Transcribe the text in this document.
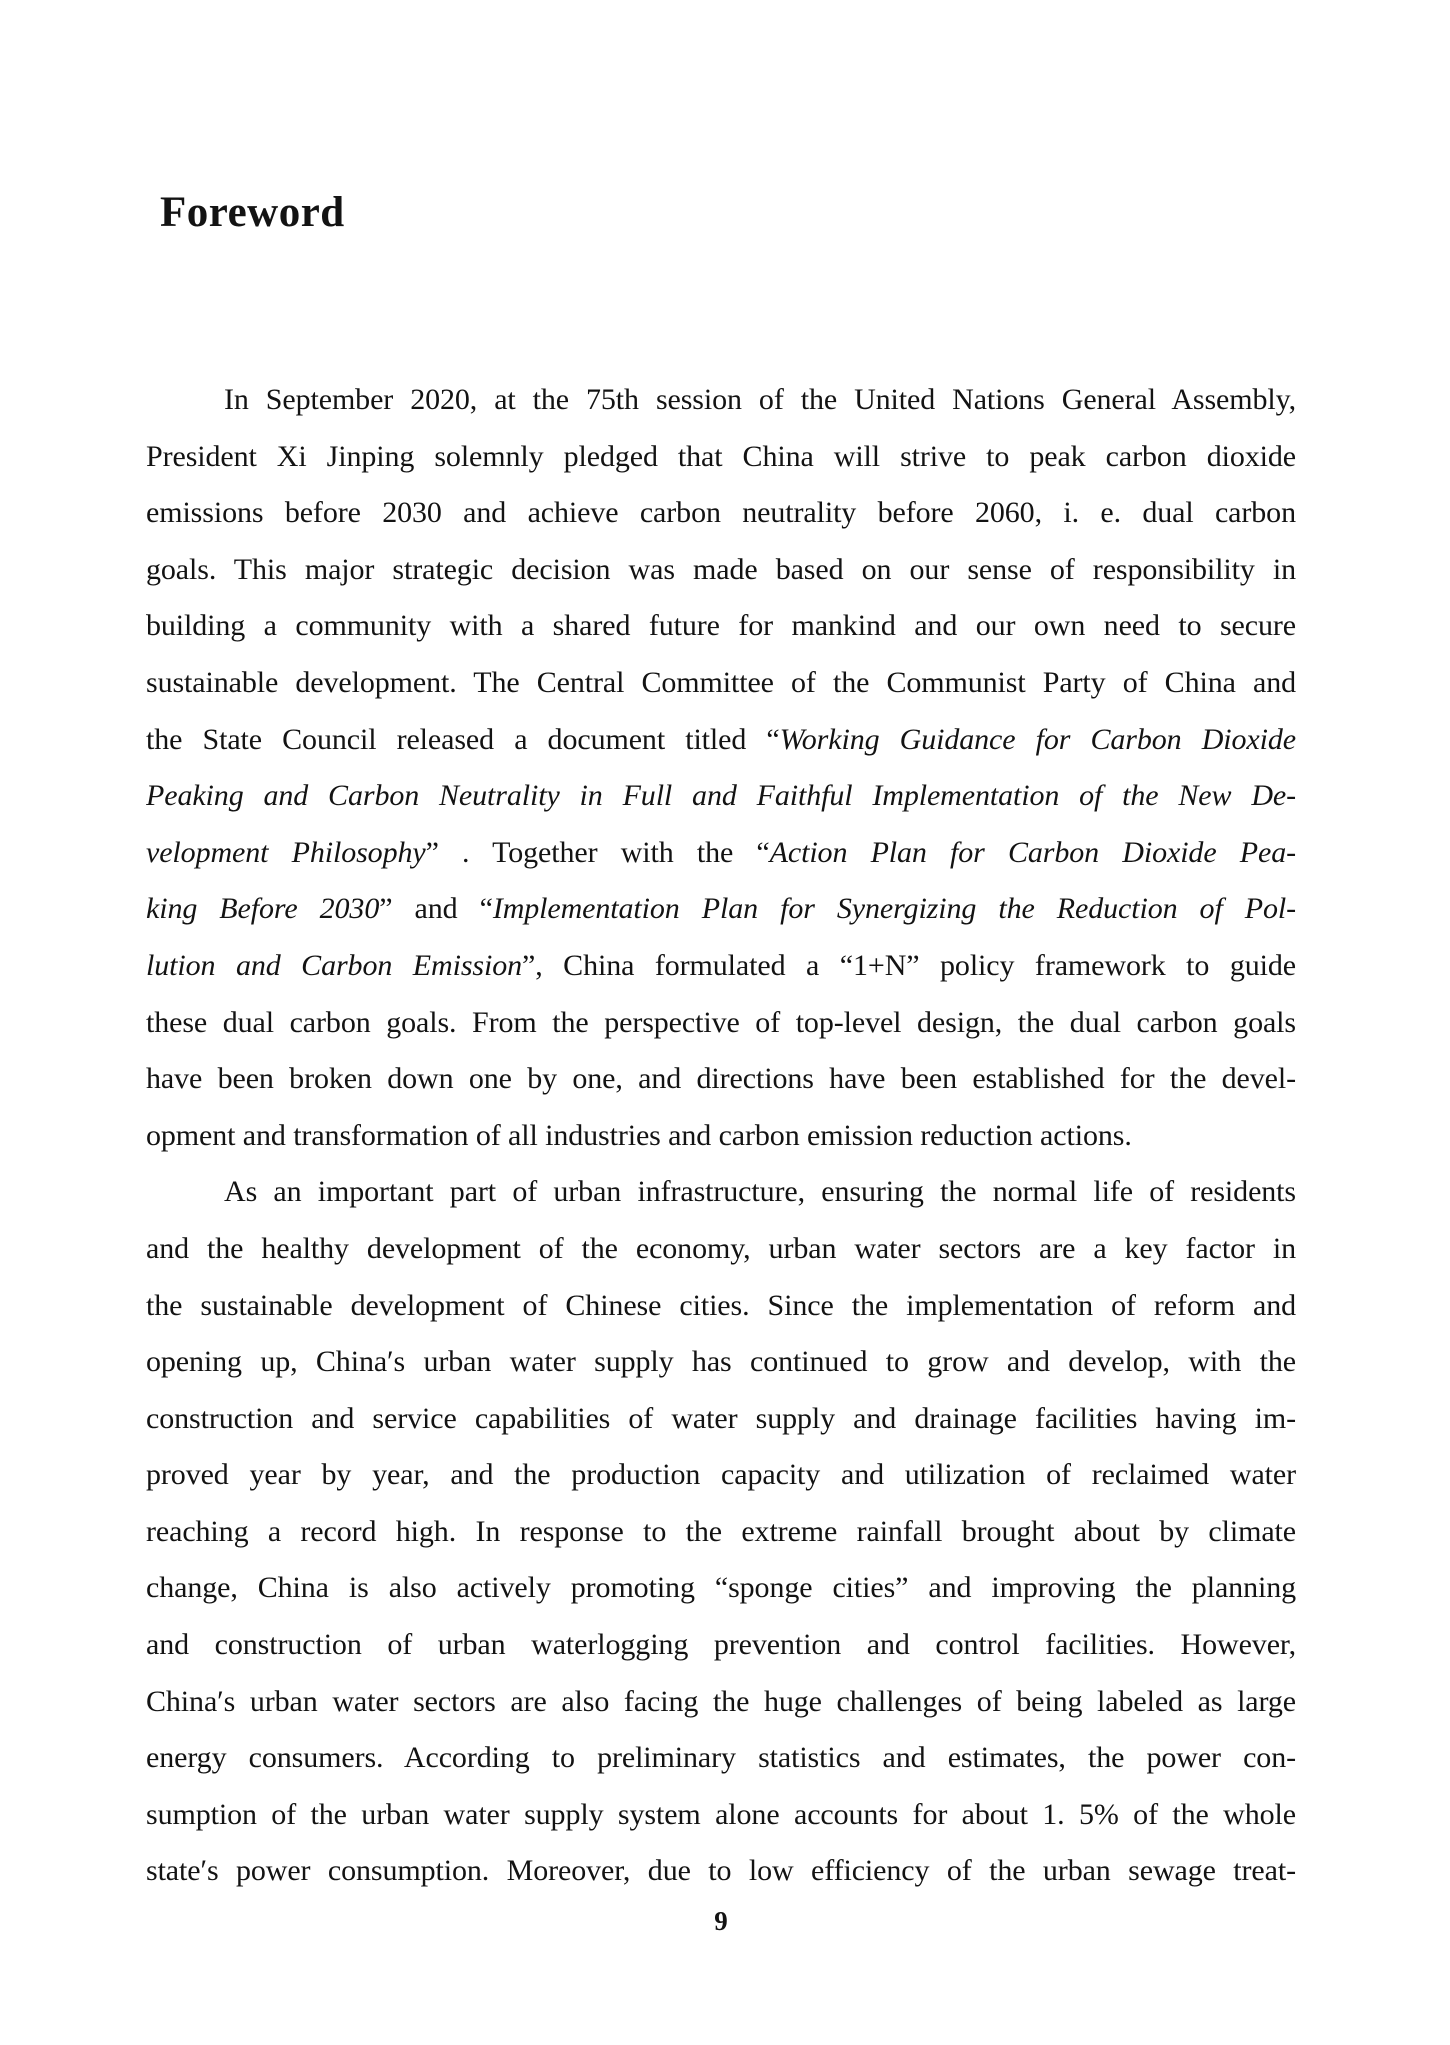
Foreword
In September 2020, at the 75th session of the United Nations General Assembly,
President Xi Jinping solemnly pledged that China will strive to peak carbon dioxide
emissions before 2030 and achieve carbon neutrality before 2060, i. e. dual carbon
goals. This major strategic decision was made based on our sense of responsibility in
building a community with a shared future for mankind and our own need to secure
sustainable development. The Central Committee of the Communist Party of China and
the State Council released a document titled “Working Guidance for Carbon Dioxide
Peaking and Carbon Neutrality in Full and Faithful Implementation of the New De-
velopment Philosophy” . Together with the “Action Plan for Carbon Dioxide Pea-
king Before 2030” and “Implementation Plan for Synergizing the Reduction of Pol-
lution and Carbon Emission”, China formulated a “1+N” policy framework to guide
these dual carbon goals. From the perspective of top-level design, the dual carbon goals
have been broken down one by one, and directions have been established for the devel-
opment and transformation of all industries and carbon emission reduction actions.
As an important part of urban infrastructure, ensuring the normal life of residents
and the healthy development of the economy, urban water sectors are a key factor in
the sustainable development of Chinese cities. Since the implementation of reform and
opening up, China′s urban water supply has continued to grow and develop, with the
construction and service capabilities of water supply and drainage facilities having im-
proved year by year, and the production capacity and utilization of reclaimed water
reaching a record high. In response to the extreme rainfall brought about by climate
change, China is also actively promoting “sponge cities” and improving the planning
and construction of urban waterlogging prevention and control facilities. However,
China′s urban water sectors are also facing the huge challenges of being labeled as large
energy consumers. According to preliminary statistics and estimates, the power con-
sumption of the urban water supply system alone accounts for about 1. 5% of the whole
state′s power consumption. Moreover, due to low efficiency of the urban sewage treat-
9
